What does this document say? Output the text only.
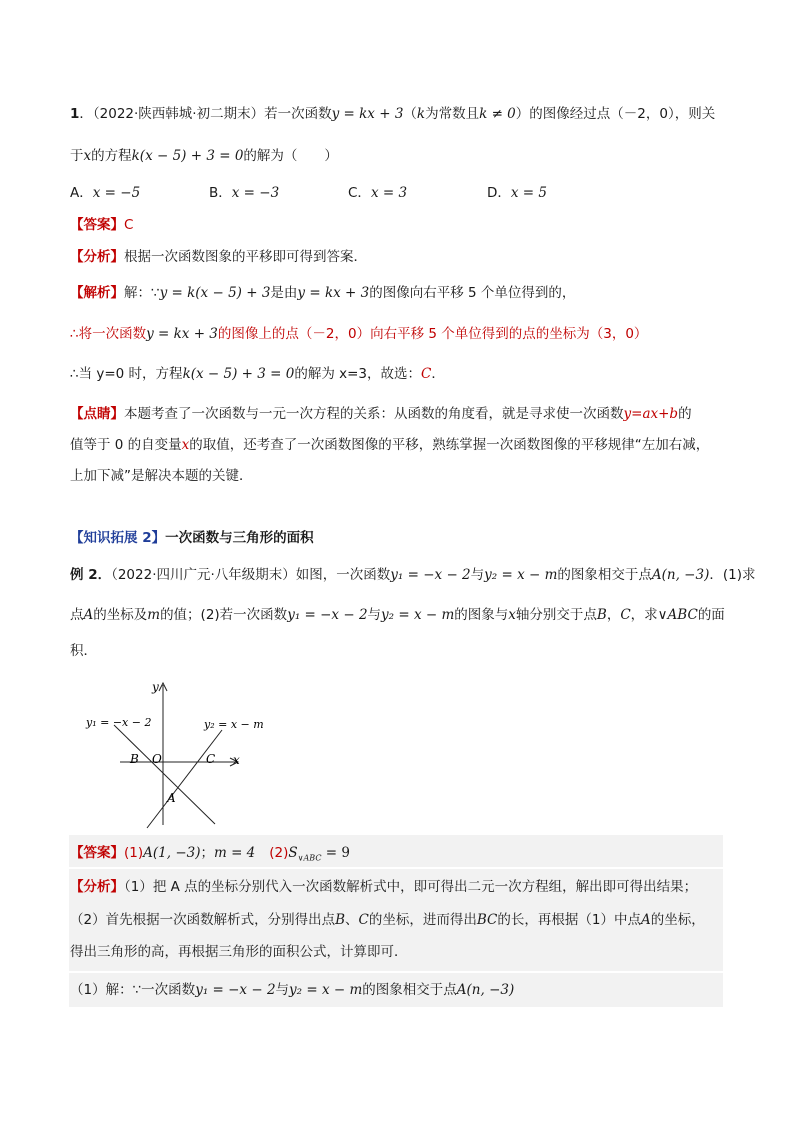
1．（2022·陕西韩城·初二期末）若一次函数y = kx + 3（k为常数且k ≠ 0）的图像经过点（－2，0），则关
于x的方程k(x − 5) + 3 = 0的解为（　　）
A．x = −5	B．x = −3	C．x = 3	D．x = 5
【答案】C
【分析】根据一次函数图象的平移即可得到答案．
【解析】解：∵y = k(x − 5) + 3是由y = kx + 3的图像向右平移 5 个单位得到的，
∴将一次函数y = kx + 3的图像上的点（－2，0）向右平移 5 个单位得到的点的坐标为（3，0）
∴当 y=0 时，方程k(x − 5) + 3 = 0的解为 x=3，故选：C．
【点睛】本题考查了一次函数与一元一次方程的关系：从函数的角度看，就是寻求使一次函数y=ax+b的
值等于 0 的自变量x的取值，还考查了一次函数图像的平移，熟练掌握一次函数图像的平移规律“左加右减，
上加下减”是解决本题的关键．
【知识拓展 2】一次函数与三角形的面积
例 2．（2022·四川广元·八年级期末）如图，一次函数y₁ = −x − 2与y₂ = x − m的图象相交于点A(n, −3)．(1)求
点A的坐标及m的值；(2)若一次函数y₁ = −x − 2与y₂ = x − m的图象与x轴分别交于点B，C，求∨ABC的面
积．
y
x
y₁ = −x − 2	y₂ = x − m
B O	C
A
【答案】(1)A(1, −3)；m = 4 $(2)S_{\vee ABC} = 9$
【分析】（1）把 A 点的坐标分别代入一次函数解析式中，即可得出二元一次方程组，解出即可得出结果；
（2）首先根据一次函数解析式，分别得出点B、C的坐标，进而得出BC的长，再根据（1）中点A的坐标，
得出三角形的高，再根据三角形的面积公式，计算即可．
（1）解：∵一次函数y₁ = −x − 2与y₂ = x − m的图象相交于点A(n, −3)
